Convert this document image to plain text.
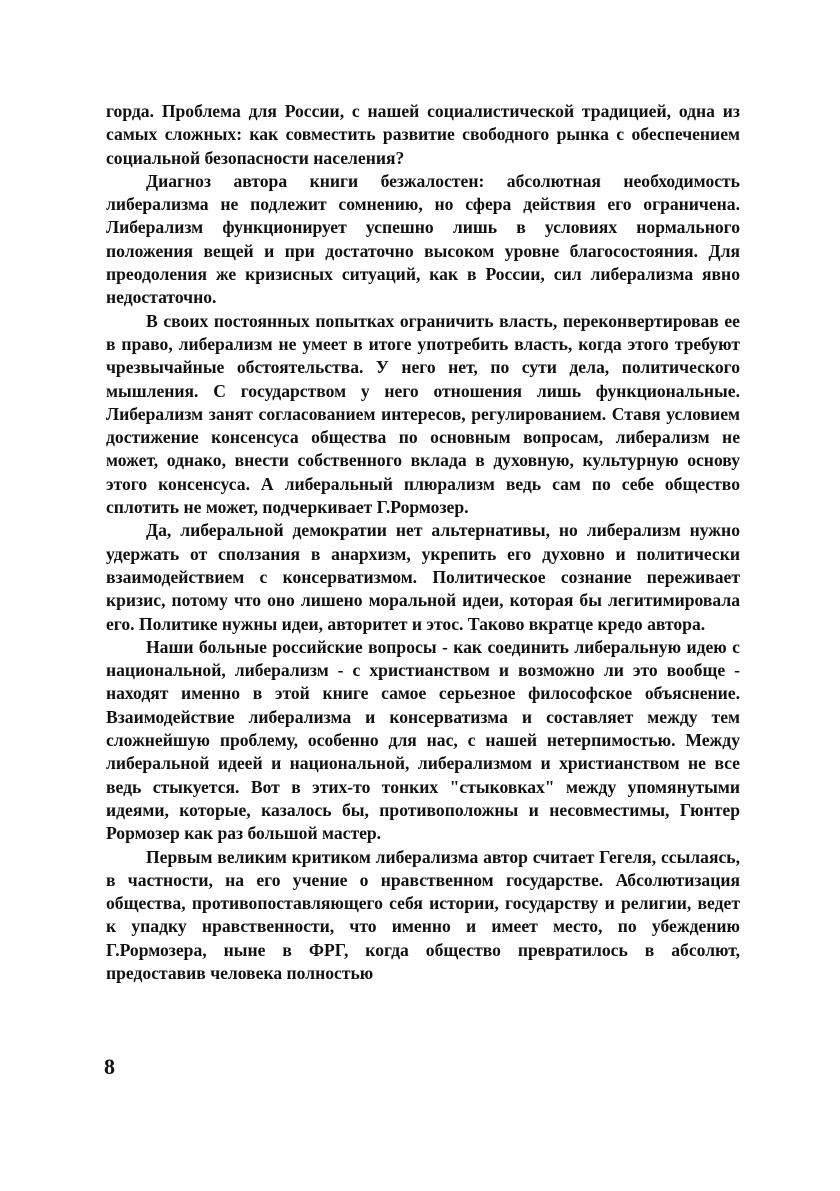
горда. Проблема для России, с нашей социалистической традицией, одна из самых сложных: как совместить развитие свободного рынка с обеспечением социальной безопасности населения?

Диагноз автора книги безжалостен: абсолютная необходимость либерализма не подлежит сомнению, но сфера действия его ограничена. Либерализм функционирует успешно лишь в условиях нормального положения вещей и при достаточно высоком уровне благосостояния. Для преодоления же кризисных ситуаций, как в России, сил либерализма явно недостаточно.

В своих постоянных попытках ограничить власть, переконвертировав ее в право, либерализм не умеет в итоге употребить власть, когда этого требуют чрезвычайные обстоятельства. У него нет, по сути дела, политического мышления. С государством у него отношения лишь функциональные. Либерализм занят согласованием интересов, регулированием. Ставя условием достижение консенсуса общества по основным вопросам, либерализм не может, однако, внести собственного вклада в духовную, культурную основу этого консенсуса. А либеральный плюрализм ведь сам по себе общество сплотить не может, подчеркивает Г.Рормозер.

Да, либеральной демократии нет альтернативы, но либерализм нужно удержать от сползания в анархизм, укрепить его духовно и политически взаимодействием с консерватизмом. Политическое сознание переживает кризис, потому что оно лишено моральной идеи, которая бы легитимировала его. Политике нужны идеи, авторитет и этос. Таково вкратце кредо автора.

Наши больные российские вопросы - как соединить либеральную идею с национальной, либерализм - с христианством и возможно ли это вообще - находят именно в этой книге самое серьезное философское объяснение. Взаимодействие либерализма и консерватизма и составляет между тем сложнейшую проблему, особенно для нас, с нашей нетерпимостью. Между либеральной идеей и национальной, либерализмом и христианством не все ведь стыкуется. Вот в этих-то тонких "стыковках" между упомянутыми идеями, которые, казалось бы, противоположны и несовместимы, Гюнтер Рормозер как раз большой мастер.

Первым великим критиком либерализма автор считает Гегеля, ссылаясь, в частности, на его учение о нравственном государстве. Абсолютизация общества, противопоставляющего себя истории, государству и религии, ведет к упадку нравственности, что именно и имеет место, по убеждению Г.Рормозера, ныне в ФРГ, когда общество превратилось в абсолют, предоставив человека полностью

8
